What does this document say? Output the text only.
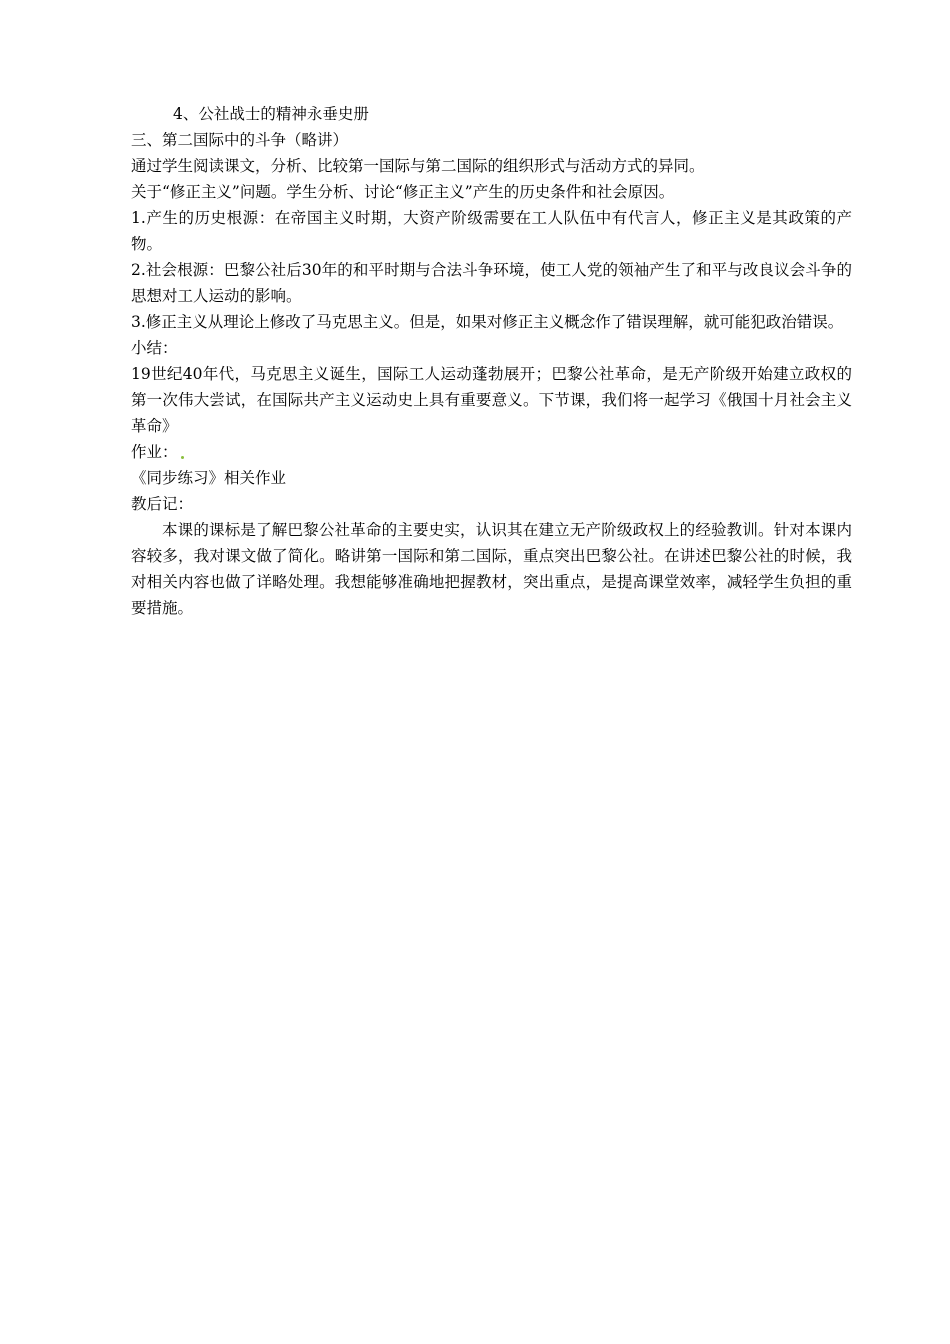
4、公社战士的精神永垂史册
三、第二国际中的斗争（略讲）
通过学生阅读课文，分析、比较第一国际与第二国际的组织形式与活动方式的异同。
关于“修正主义”问题。学生分析、讨论“修正主义”产生的历史条件和社会原因。
1.产生的历史根源：在帝国主义时期，大资产阶级需要在工人队伍中有代言人，修正主义是其政策的产物。
2.社会根源：巴黎公社后30年的和平时期与合法斗争环境，使工人党的领袖产生了和平与改良议会斗争的思想对工人运动的影响。
3.修正主义从理论上修改了马克思主义。但是，如果对修正主义概念作了错误理解，就可能犯政治错误。
小结：
19世纪40年代，马克思主义诞生，国际工人运动蓬勃展开；巴黎公社革命，是无产阶级开始建立政权的第一次伟大尝试，在国际共产主义运动史上具有重要意义。下节课，我们将一起学习《俄国十月社会主义革命》
作业：
《同步练习》相关作业
教后记：
本课的课标是了解巴黎公社革命的主要史实，认识其在建立无产阶级政权上的经验教训。针对本课内容较多，我对课文做了简化。略讲第一国际和第二国际，重点突出巴黎公社。在讲述巴黎公社的时候，我对相关内容也做了详略处理。我想能够准确地把握教材，突出重点，是提高课堂效率，减轻学生负担的重要措施。
